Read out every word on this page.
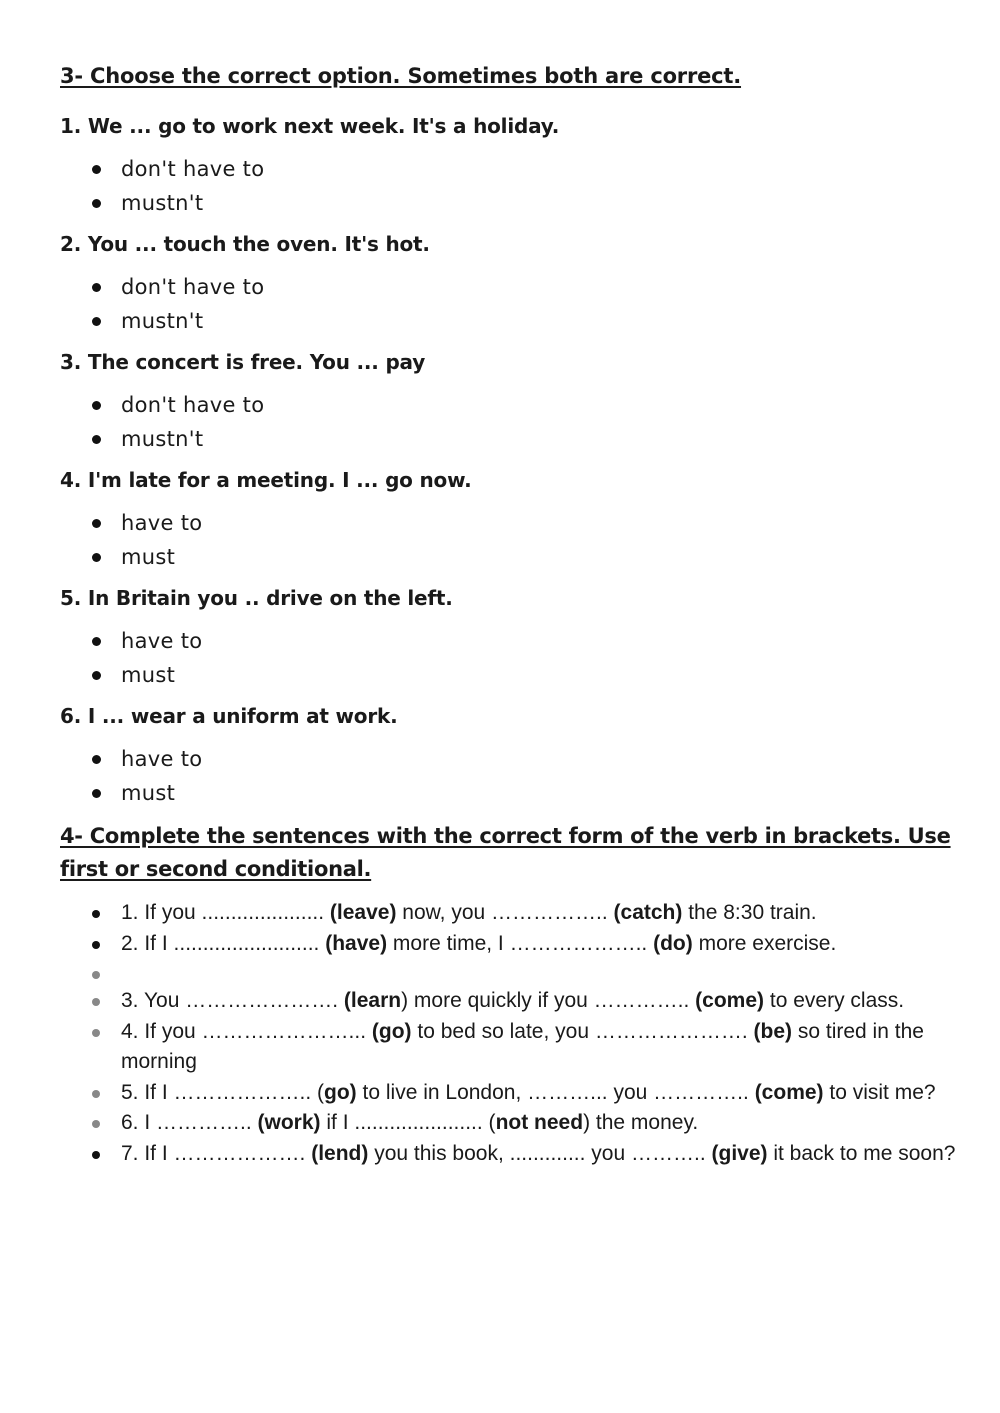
3- Choose the correct option. Sometimes both are correct.

1. We ... go to work next week. It's a holiday.

don't have to
mustn't

2. You ... touch the oven. It's hot.

don't have to
mustn't

3. The concert is free. You ... pay

don't have to
mustn't

4. I'm late for a meeting. I ... go now.

have to
must

5. In Britain you .. drive on the left.

have to
must

6. I ... wear a uniform at work.

have to
must
4- Complete the sentences with the correct form of the verb in brackets. Use first or second conditional.
1. If you ..................... (leave) now, you …………….. (catch) the 8:30 train.
2. If I ......................... (have) more time, I ……………….. (do) more exercise.
3. You …………………. (learn) more quickly if you ………….. (come) to every class.
4. If you …………………... (go) to bed so late, you …………………. (be) so tired in the morning
5. If I ……………….. (go) to live in London, ………... you ………….. (come) to visit me?
6. I ………….. (work) if I ...................... (not need) the money.
7. If I ………………. (lend) you this book, ............. you ……….. (give) it back to me soon?
